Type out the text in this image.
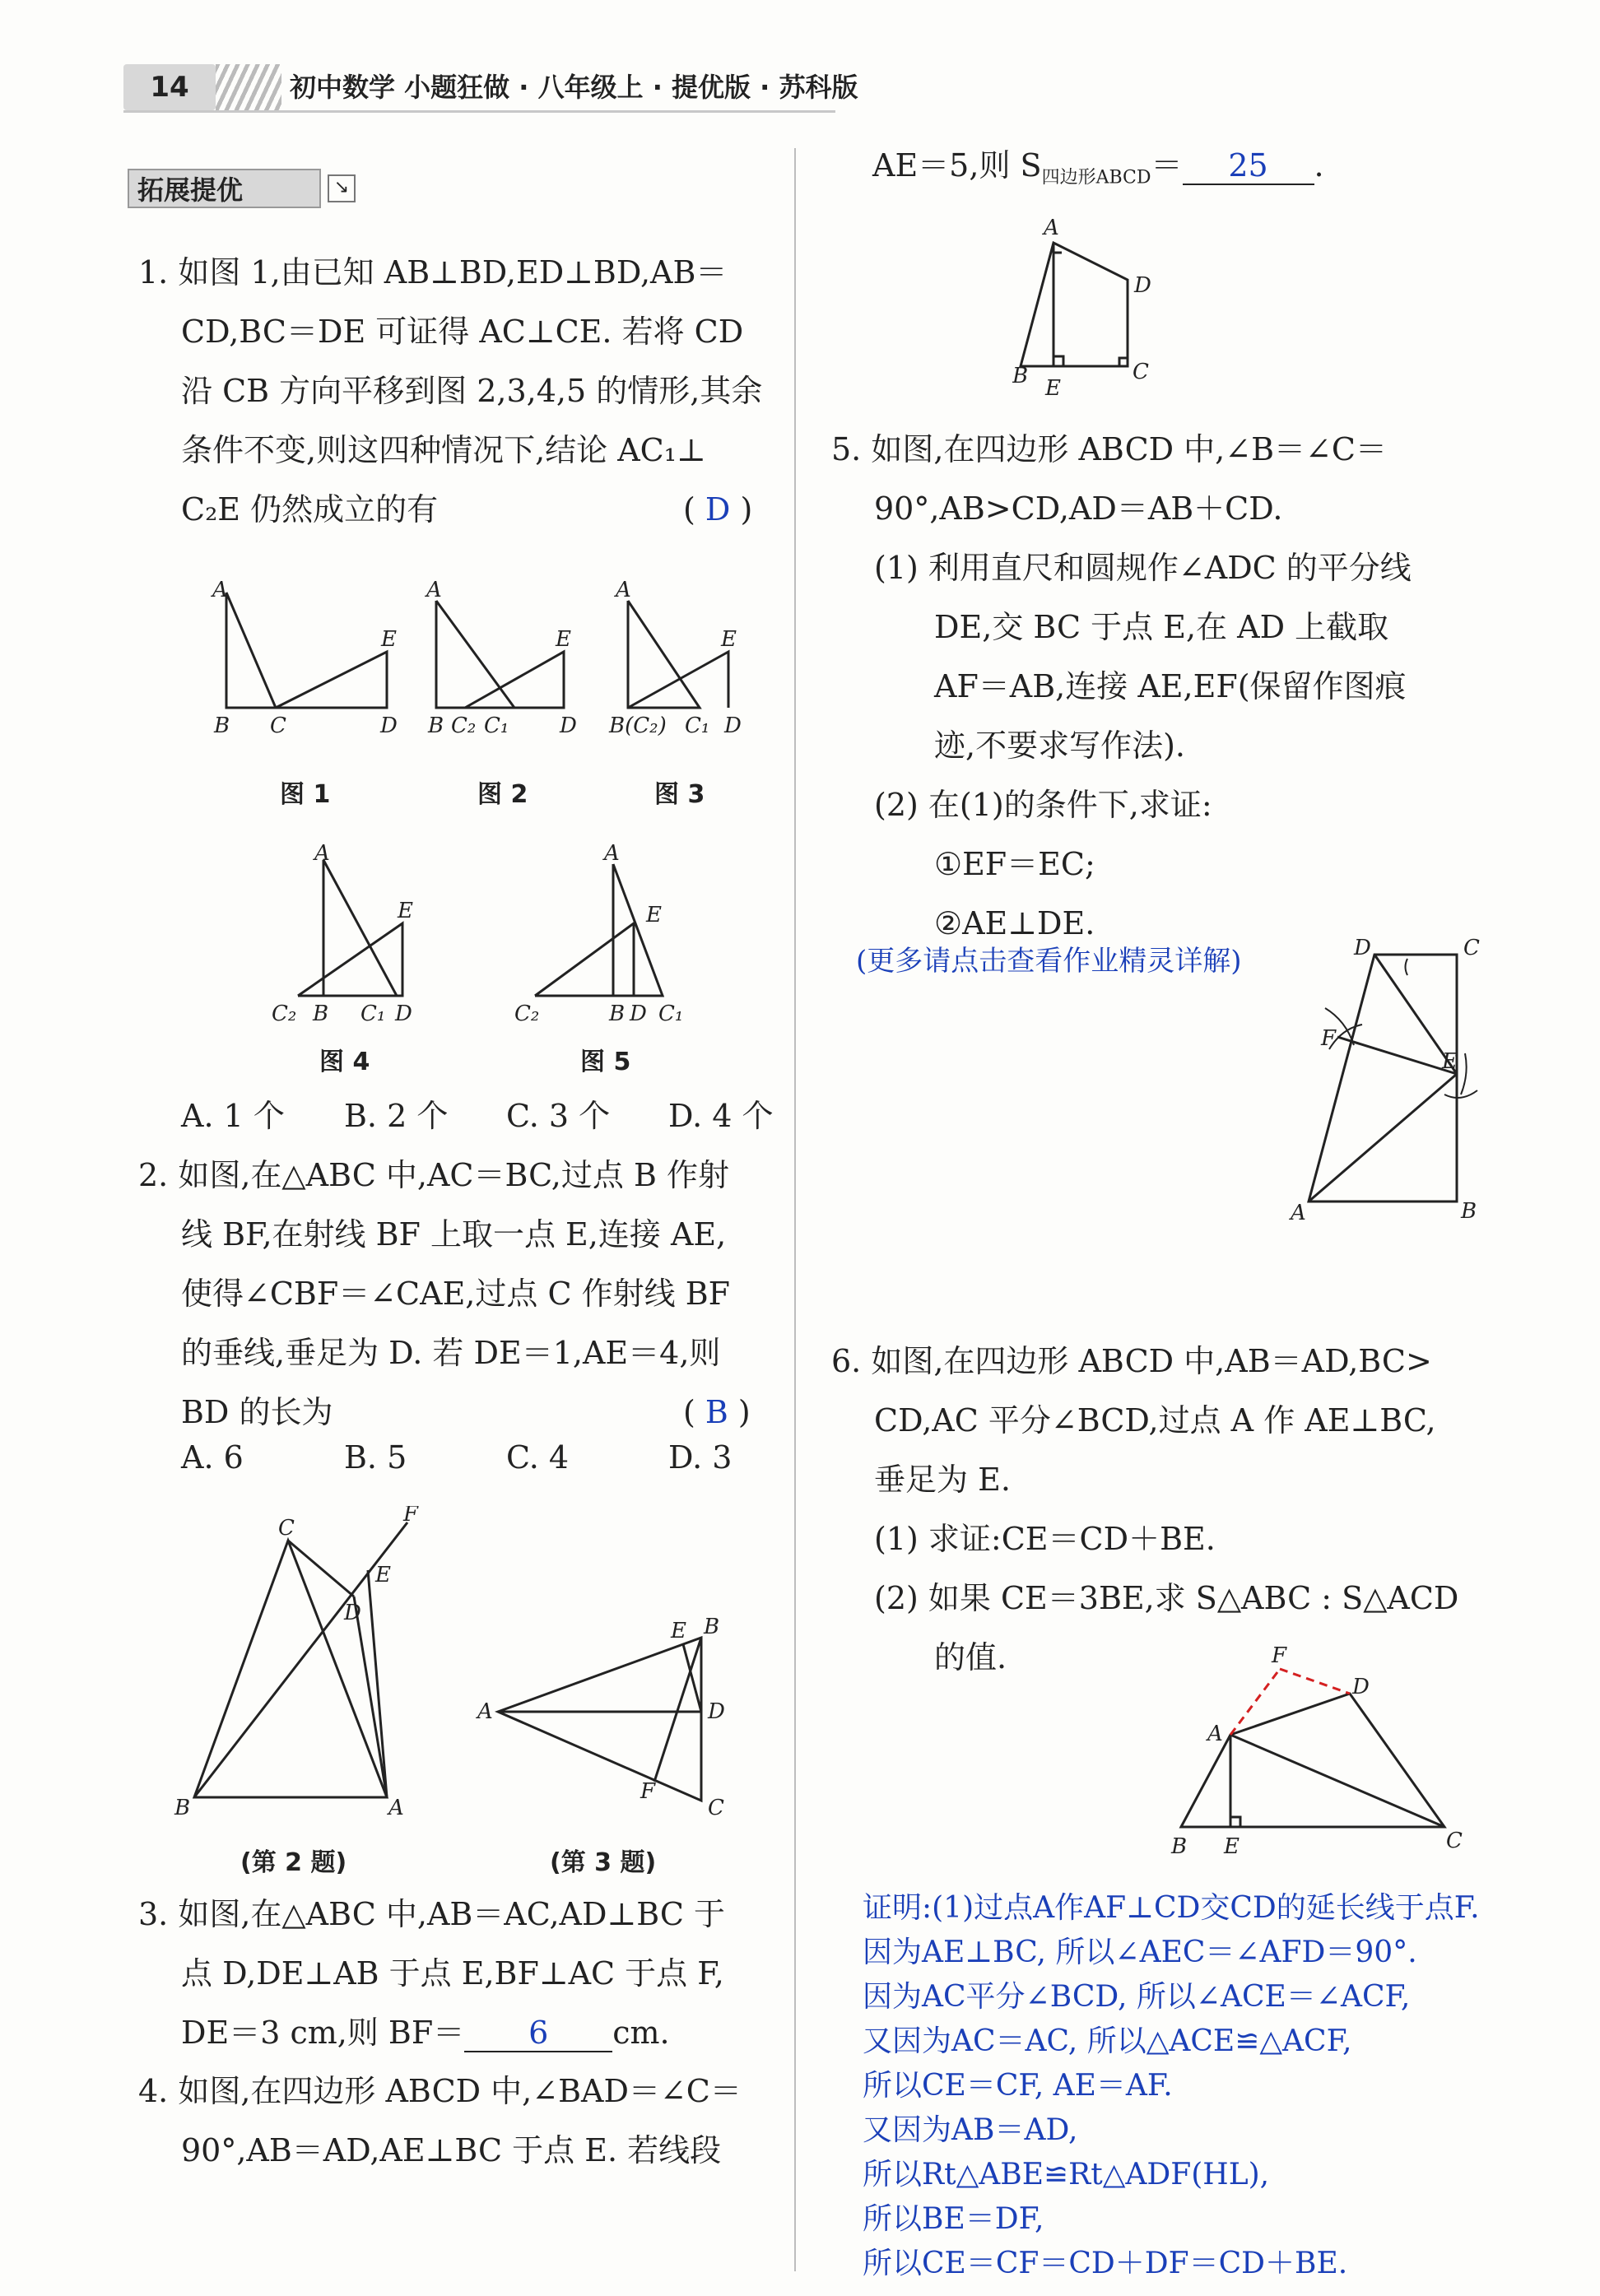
14	初中数学 小题狂做 · 八年级上 · 提优版 · 苏科版
拓展提优	↘
1. 如图 1,由已知 AB⊥BD,ED⊥BD,AB＝
CD,BC＝DE 可证得 AC⊥CE. 若将 CD
沿 CB 方向平移到图 2,3,4,5 的情形,其余
条件不变,则这四种情况下,结论 AC₁⊥
C₂E 仍然成立的有	( D )
A
B C	D
E
A
B C₂ C₁ D
E
A
B(C₂) C₁ D
E
A
C₂ B C₁ D
E
A
C₂	B D C₁
E
图 1	图 2	图 3
图 4	图 5
A. 1 个 B. 2 个 C. 3 个 D. 4 个
2. 如图,在△ABC 中,AC＝BC,过点 B 作射
线 BF,在射线 BF 上取一点 E,连接 AE,
使得∠CBF＝∠CAE,过点 C 作射线 BF
的垂线,垂足为 D. 若 DE＝1,AE＝4,则
BD 的长为	( B )
A. 6	B. 5	C. 4	D. 3
C
F
E
D
B	A
A
B
E
D
F
C
(第 2 题)	(第 3 题)
3. 如图,在△ABC 中,AB＝AC,AD⊥BC 于
点 D,DE⊥AB 于点 E,BF⊥AC 于点 F,
DE＝3 cm,则 BF＝ 6 cm.
4. 如图,在四边形 ABCD 中,∠BAD＝∠C＝
90°,AB＝AD,AE⊥BC 于点 E. 若线段
AE＝5,则 $S_{四边形ABCD}= 25$ .
A
D
B E
C
5. 如图,在四边形 ABCD 中,∠B＝∠C＝
90°,AB>CD,AD＝AB＋CD.
(1) 利用直尺和圆规作∠ADC 的平分线
DE,交 BC 于点 E,在 AD 上截取
AF＝AB,连接 AE,EF(保留作图痕
迹,不要求写作法).
(2) 在(1)的条件下,求证:
①EF＝EC;
②AE⊥DE.
(更多请点击查看作业精灵详解)	D	C
F
E
A	B
6. 如图,在四边形 ABCD 中,AB＝AD,BC>
CD,AC 平分∠BCD,过点 A 作 AE⊥BC,
垂足为 E.
(1) 求证:CE＝CD＋BE.
(2) 如果 CE＝3BE,求 S△ABC : S△ACD
的值.	F
D
A
B E	C
证明:(1)过点A作AF⊥CD交CD的延长线于点F.
因为AE⊥BC, 所以∠AEC＝∠AFD＝90°.
因为AC平分∠BCD, 所以∠ACE＝∠ACF,
又因为AC＝AC, 所以△ACE≌△ACF,
所以CE＝CF, AE＝AF.
又因为AB＝AD,
所以Rt△ABE≌Rt△ADF(HL),
所以BE＝DF,
所以CE＝CF＝CD＋DF＝CD＋BE.
